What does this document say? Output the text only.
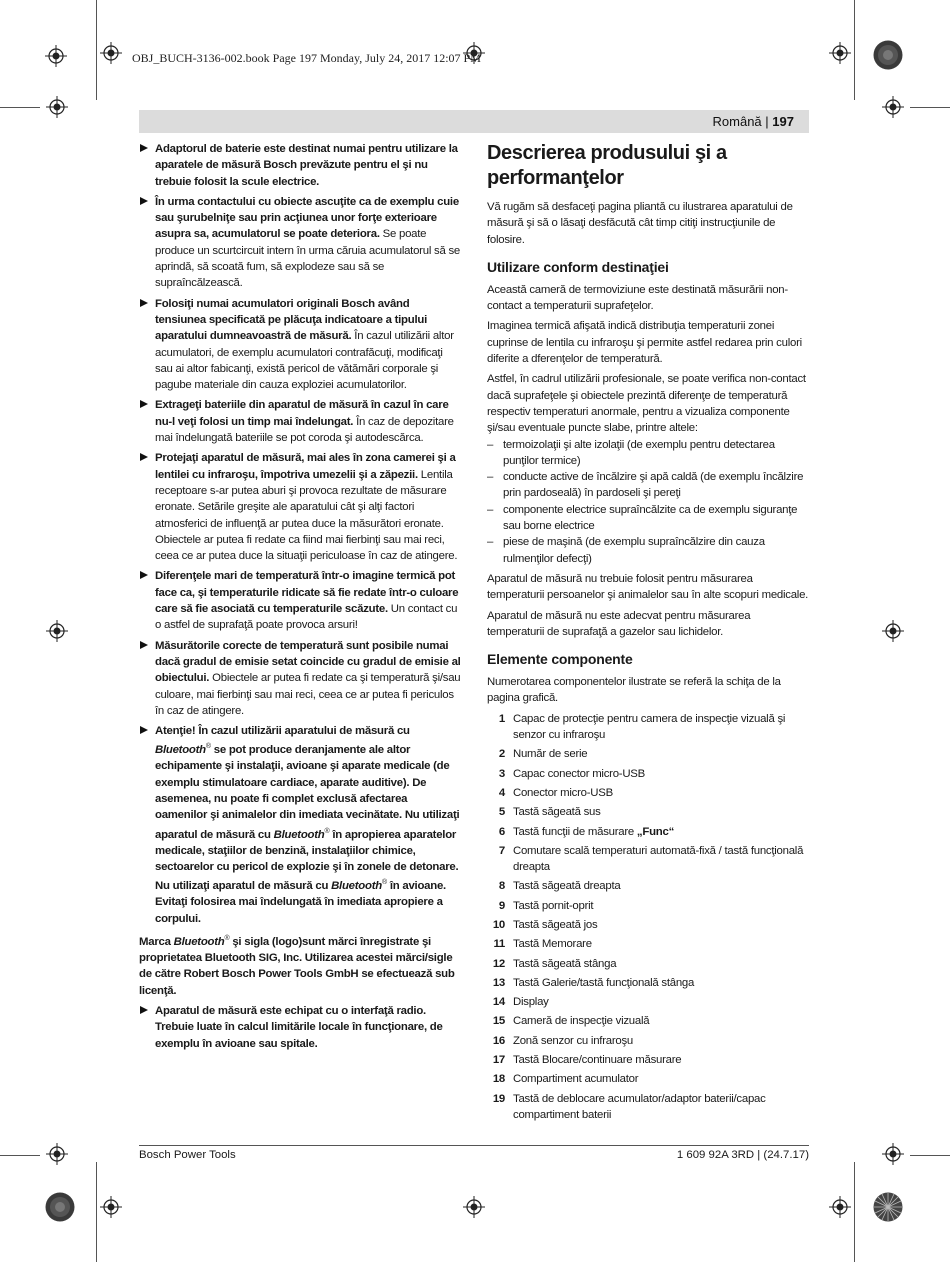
OBJ_BUCH-3136-002.book Page 197 Monday, July 24, 2017 12:07 PM
Română | 197
Adaptorul de baterie este destinat numai pentru utilizare la aparatele de măsură Bosch prevăzute pentru el şi nu trebuie folosit la scule electrice.
În urma contactului cu obiecte ascuţite ca de exemplu cuie sau şurubelniţe sau prin acţiunea unor forţe exterioare asupra sa, acumulatorul se poate deteriora. Se poate produce un scurtcircuit intern în urma căruia acumulatorul să se aprindă, să scoată fum, să explodeze sau să se supraîncălzească.
Folosiţi numai acumulatori originali Bosch având tensiunea specificată pe plăcuţa indicatoare a tipului aparatului dumneavoastră de măsură. În cazul utilizării altor acumulatori, de exemplu acumulatori contrafăcuţi, modificaţi sau ai altor fabicanţi, există pericol de vătămări corporale şi pagube materiale din cauza exploziei acumulatorilor.
Extrageţi bateriile din aparatul de măsură în cazul în care nu-l veţi folosi un timp mai îndelungat. În caz de depozitare mai îndelungată bateriile se pot coroda şi autodescărca.
Protejaţi aparatul de măsură, mai ales în zona camerei şi a lentilei cu infraroşu, împotriva umezelii şi a zăpezii. Lentila receptoare s-ar putea aburi şi provoca rezultate de măsurare eronate. Setările greşite ale aparatului cât şi alţi factori atmosferici de influenţă ar putea duce la măsurători eronate. Obiectele ar putea fi redate ca fiind mai fierbinţi sau mai reci, ceea ce ar putea duce la situaţii periculoase în caz de atingere.
Diferenţele mari de temperatură într-o imagine termică pot face ca, şi temperaturile ridicate să fie redate într-o culoare care să fie asociată cu temperaturile scăzute. Un contact cu o astfel de suprafaţă poate provoca arsuri!
Măsurătorile corecte de temperatură sunt posibile numai dacă gradul de emisie setat coincide cu gradul de emisie al obiectului. Obiectele ar putea fi redate ca şi temperatură şi/sau culoare, mai fierbinţi sau mai reci, ceea ce ar putea fi periculos în caz de atingere.
Atenţie! În cazul utilizării aparatului de măsură cu Bluetooth® se pot produce deranjamente ale altor echipamente şi instalaţii, avioane şi aparate medicale (de exemplu stimulatoare cardiace, aparate auditive). De asemenea, nu poate fi complet exclusă afectarea oamenilor şi animalelor din imediata vecinătate. Nu utilizaţi aparatul de măsură cu Bluetooth® în apropierea aparatelor medicale, staţiilor de benzină, instalaţiilor chimice, sectoarelor cu pericol de explozie şi în zonele de detonare. Nu utilizaţi aparatul de măsură cu Bluetooth® în avioane. Evitaţi folosirea mai îndelungată în imediata apropiere a corpului.

Marca Bluetooth® şi sigla (logo)sunt mărci înregistrate şi proprietatea Bluetooth SIG, Inc. Utilizarea acestei mărci/sigle de către Robert Bosch Power Tools GmbH se efectuează sub licenţă.

Aparatul de măsură este echipat cu o interfaţă radio. Trebuie luate în calcul limitările locale în funcţionare, de exemplu în avioane sau spitale.
Descrierea produsului şi a performanţelor

Vă rugăm să desfaceţi pagina pliantă cu ilustrarea aparatului de măsură şi să o lăsaţi desfăcută cât timp citiţi instrucţiunile de folosire.

Utilizare conform destinaţiei

Această cameră de termoviziune este destinată măsurării non-contact a temperaturii suprafeţelor.

Imaginea termică afişată indică distribuţia temperaturii zonei cuprinse de lentila cu infraroşu şi permite astfel redarea prin culori diferite a dferenţelor de temperatură.

Astfel, în cadrul utilizării profesionale, se poate verifica non-contact dacă suprafeţele şi obiectele prezintă diferenţe de temperatură respectiv temperaturi anormale, pentru a vizualiza componente şi/sau eventuale puncte slabe, printre altele:

– termoizolaţii şi alte izolaţii (de exemplu pentru detectarea punţilor termice)
– conducte active de încălzire şi apă caldă (de exemplu încălzire prin pardoseală) în pardoseli şi pereţi
– componente electrice supraîncălzite ca de exemplu siguranţe sau borne electrice
– piese de maşină (de exemplu supraîncălzire din cauza rulmenţilor defecţi)

Aparatul de măsură nu trebuie folosit pentru măsurarea temperaturii persoanelor şi animalelor sau în alte scopuri medicale.

Aparatul de măsură nu este adecvat pentru măsurarea temperaturii de suprafaţă a gazelor sau lichidelor.

Elemente componente

Numerotarea componentelor ilustrate se referă la schiţa de la pagina grafică.

1 Capac de protecţie pentru camera de inspecţie vizuală şi senzor cu infraroşu
2 Număr de serie
3 Capac conector micro-USB
4 Conector micro-USB
5 Tastă săgeată sus
6 Tastă funcţii de măsurare „Func“
7 Comutare scală temperaturi automată-fixă / tastă funcţională dreapta
8 Tastă săgeată dreapta
9 Tastă pornit-oprit
10 Tastă săgeată jos
11 Tastă Memorare
12 Tastă săgeată stânga
13 Tastă Galerie/tastă funcţională stânga
14 Display
15 Cameră de inspecţie vizuală
16 Zonă senzor cu infraroşu
17 Tastă Blocare/continuare măsurare
18 Compartiment acumulator
19 Tastă de deblocare acumulator/adaptor baterii/capac compartiment baterii
Bosch Power Tools	1 609 92A 3RD | (24.7.17)
